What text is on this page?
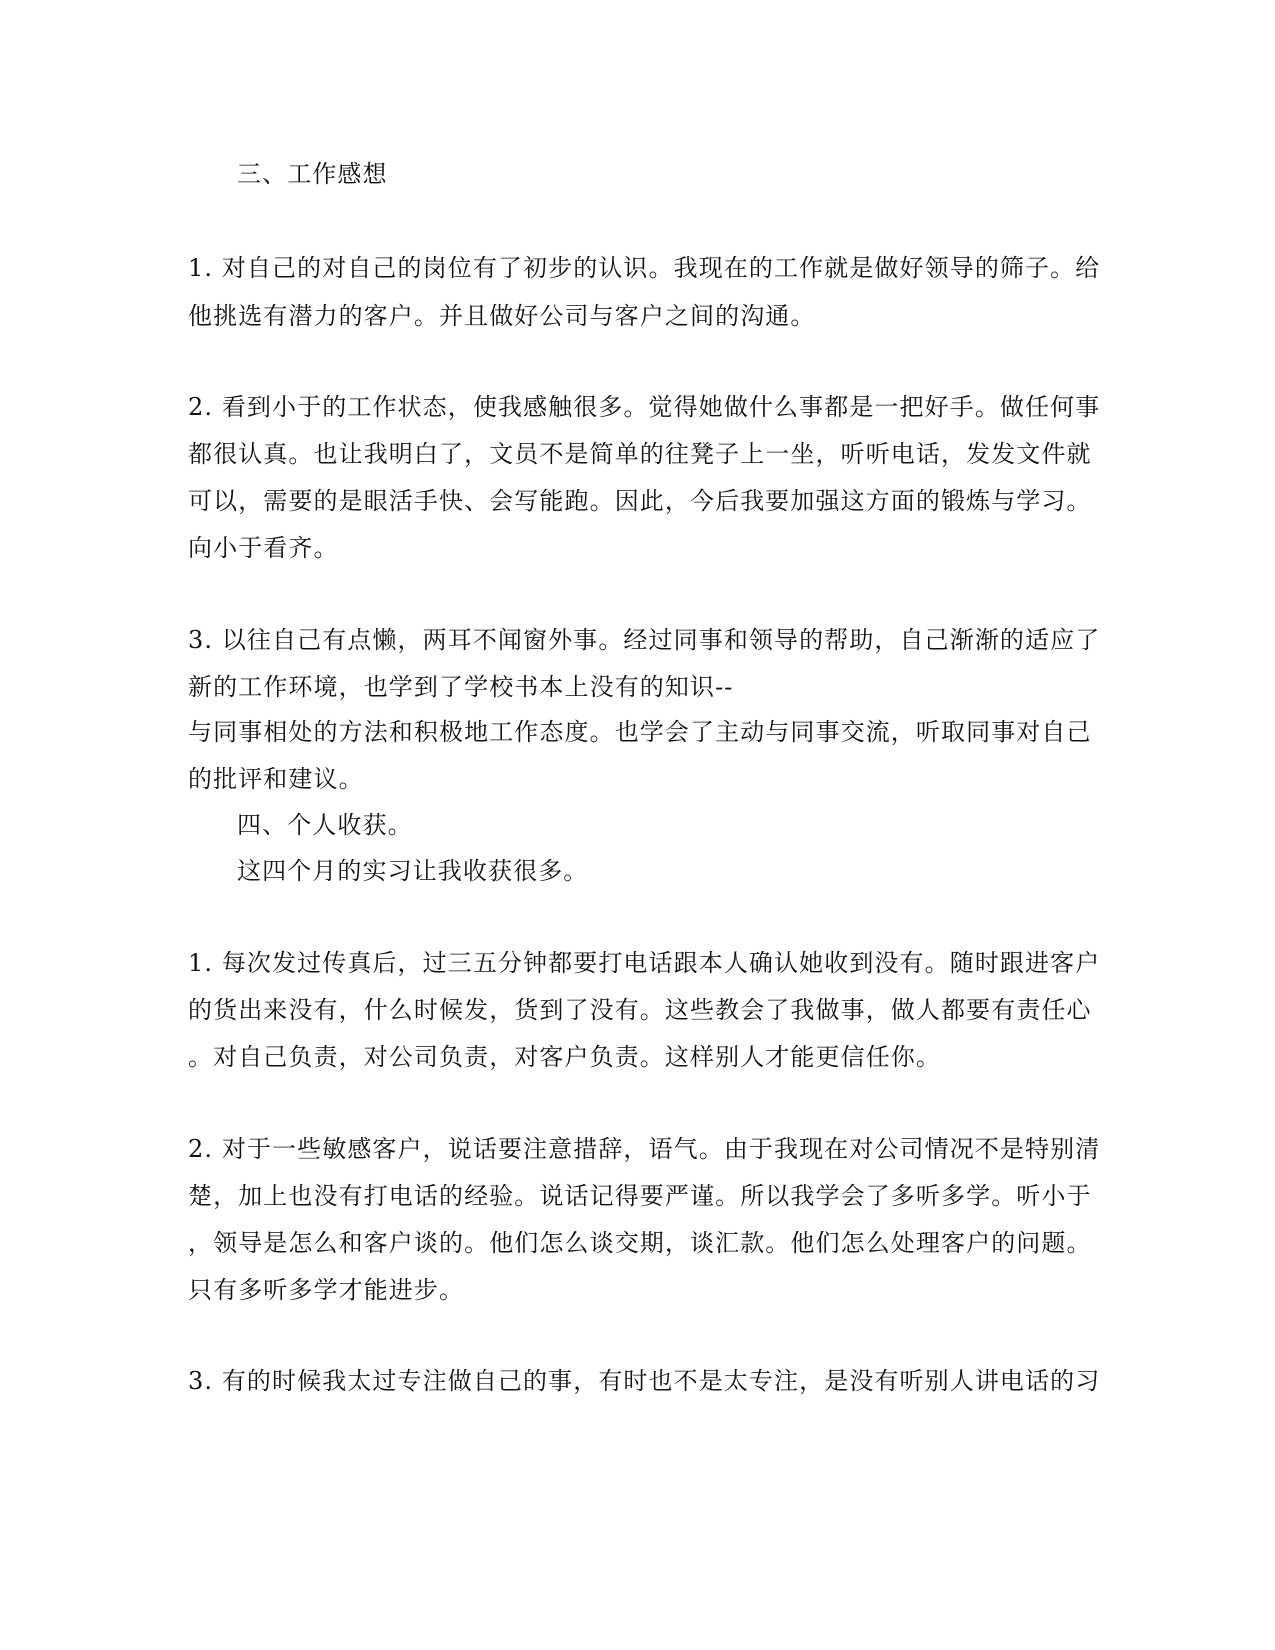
三、工作感想
1. 对自己的对自己的岗位有了初步的认识。我现在的工作就是做好领导的筛子。给
他挑选有潜力的客户。并且做好公司与客户之间的沟通。
2. 看到小于的工作状态，使我感触很多。觉得她做什么事都是一把好手。做任何事
都很认真。也让我明白了，文员不是简单的往凳子上一坐，听听电话，发发文件就
可以，需要的是眼活手快、会写能跑。因此，今后我要加强这方面的锻炼与学习。
向小于看齐。
3. 以往自己有点懒，两耳不闻窗外事。经过同事和领导的帮助，自己渐渐的适应了
新的工作环境，也学到了学校书本上没有的知识--
与同事相处的方法和积极地工作态度。也学会了主动与同事交流，听取同事对自己
的批评和建议。
四、个人收获。
这四个月的实习让我收获很多。
1. 每次发过传真后，过三五分钟都要打电话跟本人确认她收到没有。随时跟进客户
的货出来没有，什么时候发，货到了没有。这些教会了我做事，做人都要有责任心
。对自己负责，对公司负责，对客户负责。这样别人才能更信任你。
2. 对于一些敏感客户，说话要注意措辞，语气。由于我现在对公司情况不是特别清
楚，加上也没有打电话的经验。说话记得要严谨。所以我学会了多听多学。听小于
，领导是怎么和客户谈的。他们怎么谈交期，谈汇款。他们怎么处理客户的问题。
只有多听多学才能进步。
3. 有的时候我太过专注做自己的事，有时也不是太专注，是没有听别人讲电话的习
